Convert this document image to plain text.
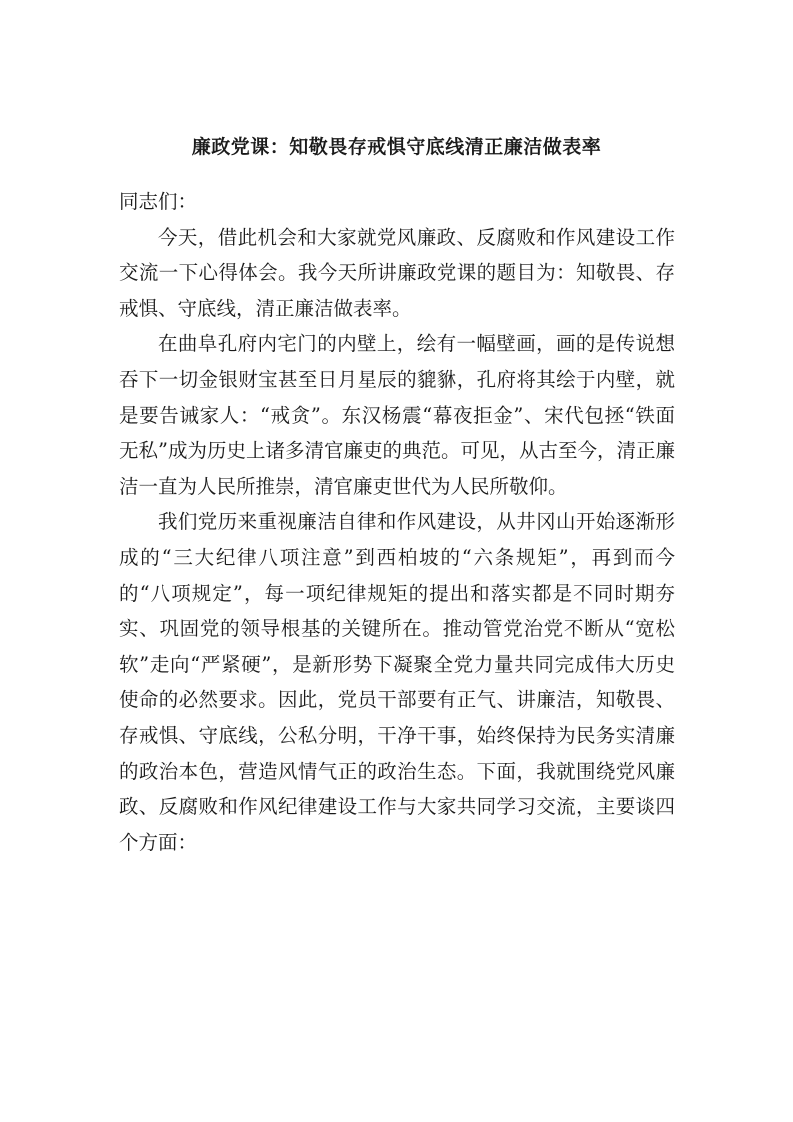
廉政党课：知敬畏存戒惧守底线清正廉洁做表率

同志们：

今天，借此机会和大家就党风廉政、反腐败和作风建设工作交流一下心得体会。我今天所讲廉政党课的题目为：知敬畏、存戒惧、守底线，清正廉洁做表率。

在曲阜孔府内宅门的内壁上，绘有一幅壁画，画的是传说想吞下一切金银财宝甚至日月星辰的貔貅，孔府将其绘于内壁，就是要告诫家人：“戒贪”。东汉杨震“幕夜拒金”、宋代包拯“铁面无私”成为历史上诸多清官廉吏的典范。可见，从古至今，清正廉洁一直为人民所推崇，清官廉吏世代为人民所敬仰。

我们党历来重视廉洁自律和作风建设，从井冈山开始逐渐形成的“三大纪律八项注意”到西柏坡的“六条规矩”，再到而今的“八项规定”，每一项纪律规矩的提出和落实都是不同时期夯实、巩固党的领导根基的关键所在。推动管党治党不断从“宽松软”走向“严紧硬”，是新形势下凝聚全党力量共同完成伟大历史使命的必然要求。因此，党员干部要有正气、讲廉洁，知敬畏、存戒惧、守底线，公私分明，干净干事，始终保持为民务实清廉的政治本色，营造风情气正的政治生态。下面，我就围绕党风廉政、反腐败和作风纪律建设工作与大家共同学习交流，主要谈四个方面：
